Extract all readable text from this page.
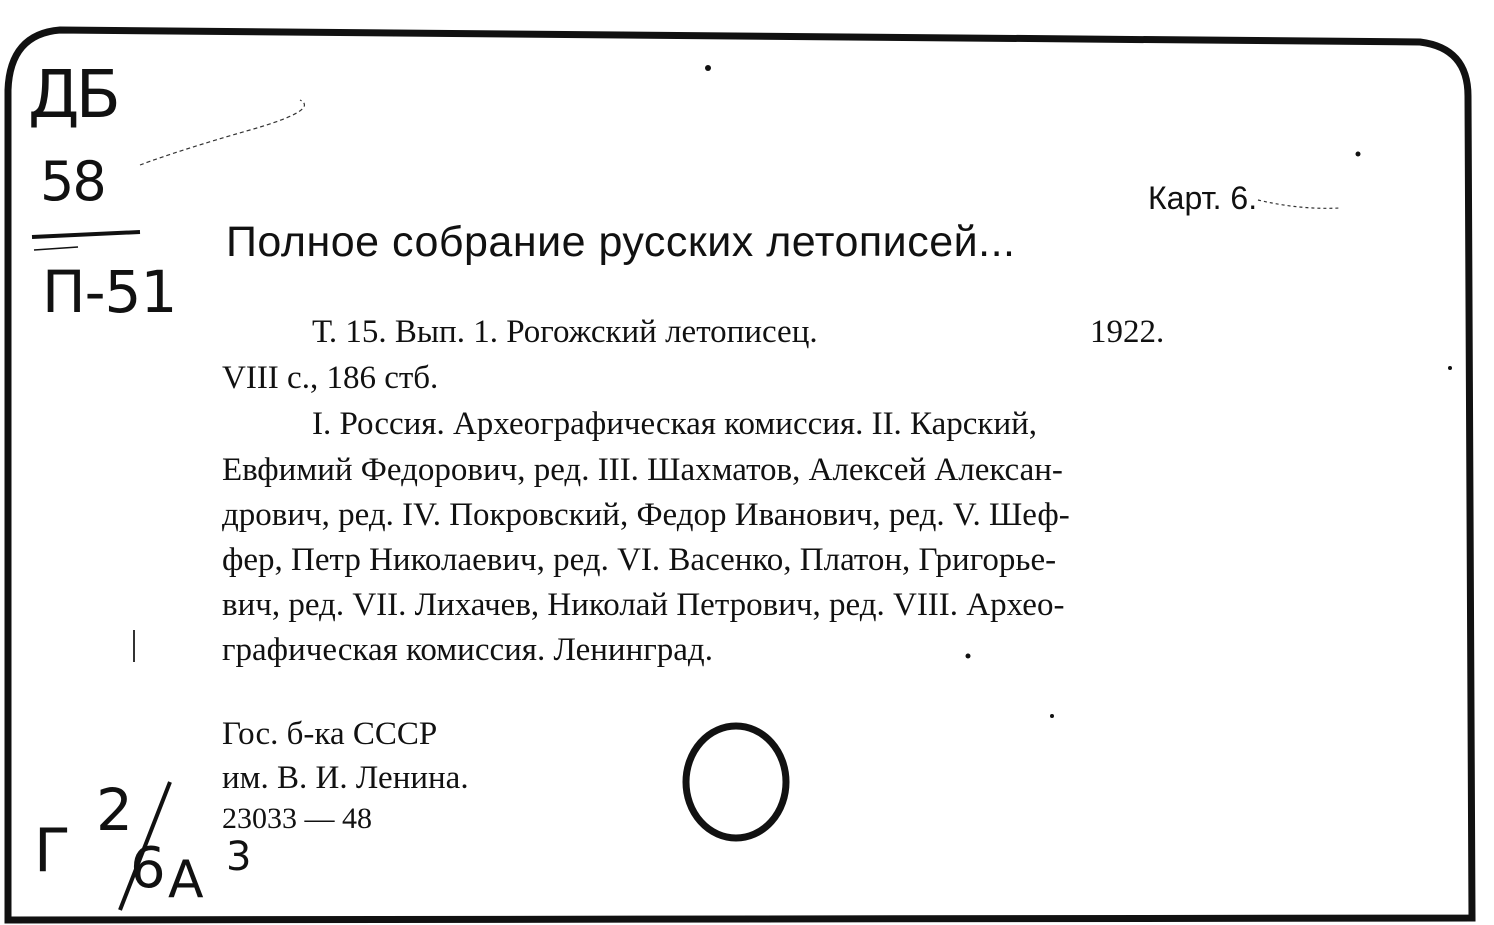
ДБ
58
П-51
Карт. 6.
Полное собрание русских летописей...
Т. 15. Вып. 1. Рогожский летописец.	1922.
VIII с., 186 стб.
I. Россия. Археографическая комиссия. II. Карский,
Евфимий Федорович, ред. III. Шахматов, Алексей Алексан-
дрович, ред. IV. Покровский, Федор Иванович, ред. V. Шеф-
фер, Петр Николаевич, ред. VI. Васенко, Платон, Григорье-
вич, ред. VII. Лихачев, Николай Петрович, ред. VIII. Архео-
графическая комиссия. Ленинград.
Гос. б-ка СССР
им. В. И. Ленина.
23033 — 48
Г
2
6 А 3
